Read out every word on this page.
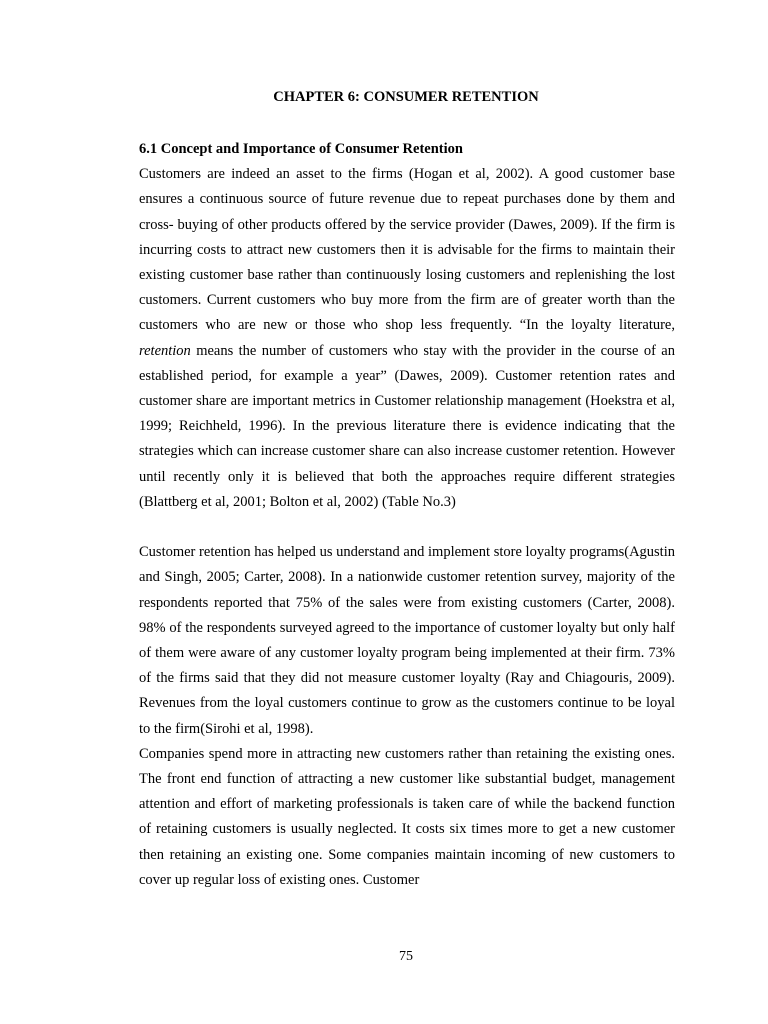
CHAPTER 6: CONSUMER RETENTION

6.1 Concept and Importance of Consumer Retention

Customers are indeed an asset to the firms (Hogan et al, 2002). A good customer base ensures a continuous source of future revenue due to repeat purchases done by them and cross- buying of other products offered by the service provider (Dawes, 2009). If the firm is incurring costs to attract new customers then it is advisable for the firms to maintain their existing customer base rather than continuously losing customers and replenishing the lost customers. Current customers who buy more from the firm are of greater worth than the customers who are new or those who shop less frequently. “In the loyalty literature, retention means the number of customers who stay with the provider in the course of an established period, for example a year” (Dawes, 2009). Customer retention rates and customer share are important metrics in Customer relationship management (Hoekstra et al, 1999; Reichheld, 1996). In the previous literature there is evidence indicating that the strategies which can increase customer share can also increase customer retention. However until recently only it is believed that both the approaches require different strategies (Blattberg et al, 2001; Bolton et al, 2002) (Table No.3)

Customer retention has helped us understand and implement store loyalty programs(Agustin and Singh, 2005; Carter, 2008). In a nationwide customer retention survey, majority of the respondents reported that 75% of the sales were from existing customers (Carter, 2008). 98% of the respondents surveyed agreed to the importance of customer loyalty but only half of them were aware of any customer loyalty program being implemented at their firm. 73% of the firms said that they did not measure customer loyalty (Ray and Chiagouris, 2009). Revenues from the loyal customers continue to grow as the customers continue to be loyal to the firm(Sirohi et al, 1998).

Companies spend more in attracting new customers rather than retaining the existing ones. The front end function of attracting a new customer like substantial budget, management attention and effort of marketing professionals is taken care of while the backend function of retaining customers is usually neglected. It costs six times more to get a new customer then retaining an existing one. Some companies maintain incoming of new customers to cover up regular loss of existing ones. Customer

75
